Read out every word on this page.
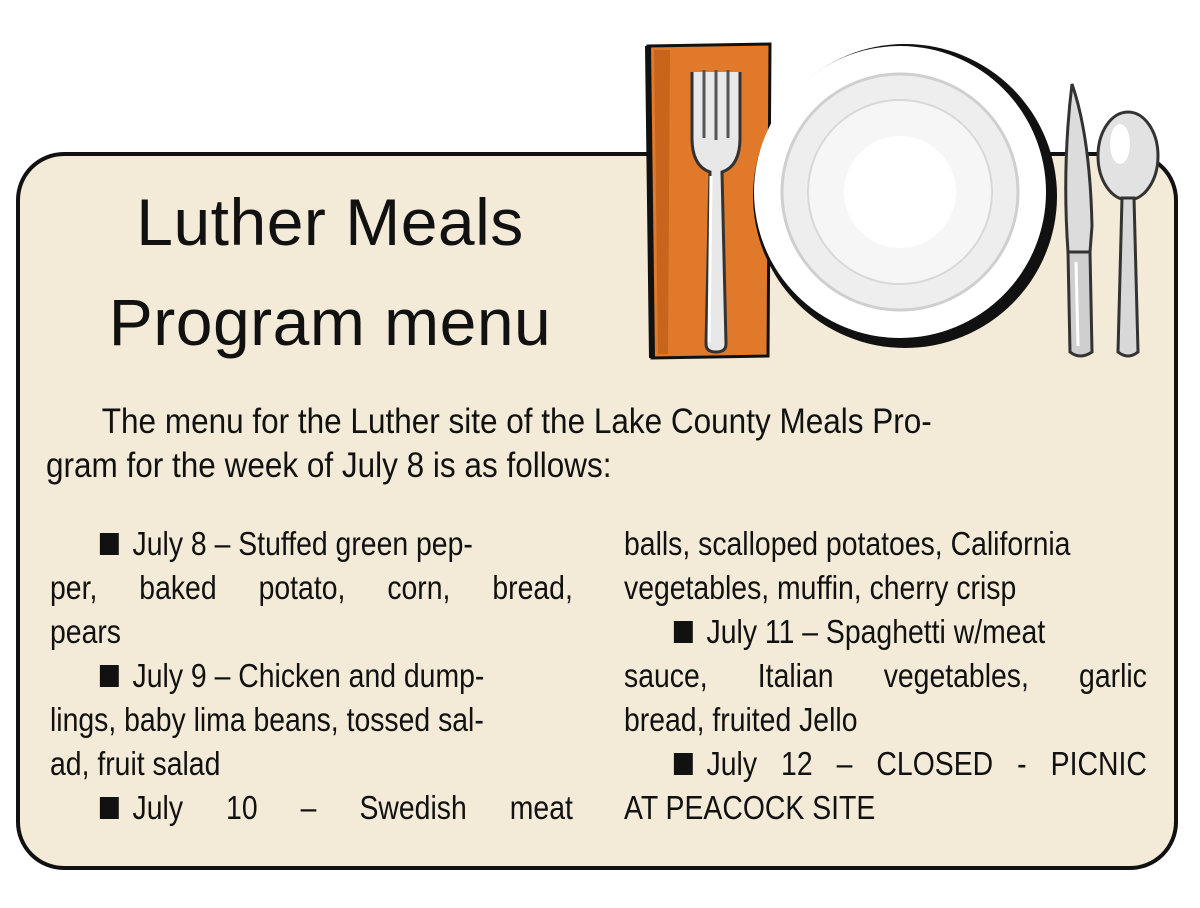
Luther Meals
Program menu
The menu for the Luther site of the Lake County Meals Pro-
gram for the week of July 8 is as follows:
July 8 – Stuffed green pep-
per, baked potato, corn, bread,
pears
July 9 – Chicken and dump-
lings, baby lima beans, tossed sal-
ad, fruit salad
July 10 – Swedish meat
balls, scalloped potatoes, California
vegetables, muffin, cherry crisp
July 11 – Spaghetti w/meat
sauce, Italian vegetables, garlic
bread, fruited Jello
July 12 – CLOSED - PICNIC
AT PEACOCK SITE
